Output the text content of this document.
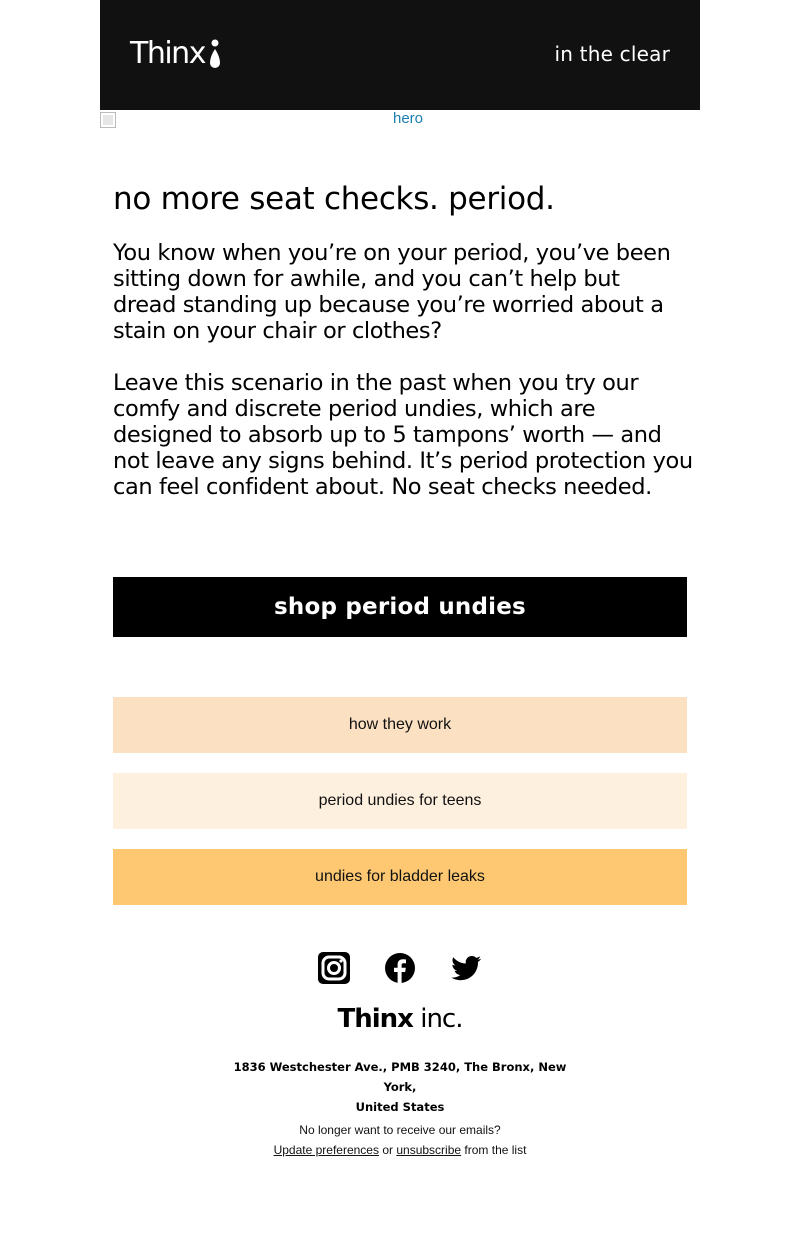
Thinx	in the clear
hero
no more seat checks. period.
You know when you’re on your period, you’ve been sitting down for awhile, and you can’t help but dread standing up because you’re worried about a stain on your chair or clothes?
Leave this scenario in the past when you try our comfy and discrete period undies, which are designed to absorb up to 5 tampons’ worth — and not leave any signs behind. It’s period protection you can feel confident about. No seat checks needed.
shop period undies
how they work
period undies for teens
undies for bladder leaks
Thinx inc.
1836 Westchester Ave., PMB 3240, The Bronx, New York,
United States
No longer want to receive our emails?
Update preferences or unsubscribe from the list
